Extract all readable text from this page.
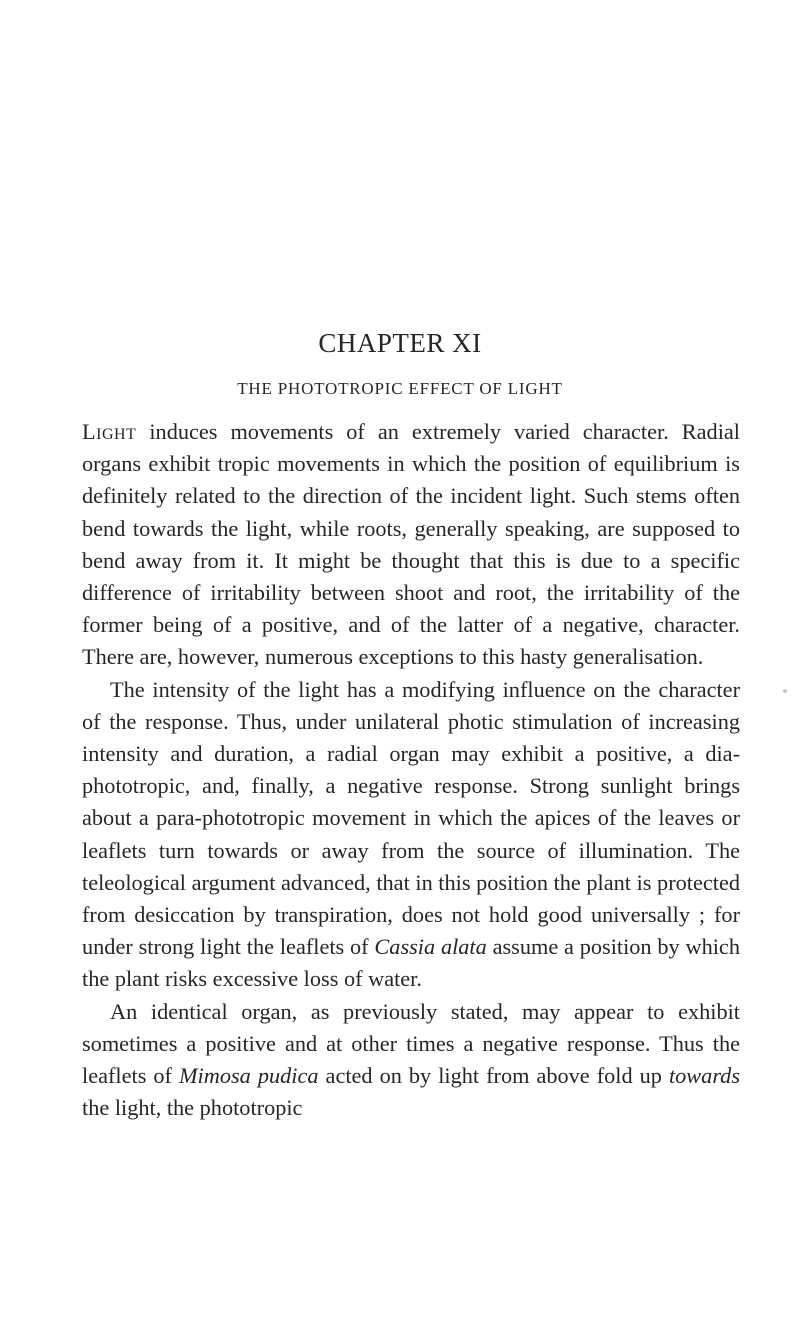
CHAPTER XI
THE PHOTOTROPIC EFFECT OF LIGHT

Light induces movements of an extremely varied character. Radial organs exhibit tropic movements in which the position of equilibrium is definitely related to the direction of the incident light. Such stems often bend towards the light, while roots, generally speaking, are supposed to bend away from it. It might be thought that this is due to a specific difference of irritability between shoot and root, the irritability of the former being of a positive, and of the latter of a negative, character. There are, however, numerous exceptions to this hasty generalisation.

The intensity of the light has a modifying influence on the character of the response. Thus, under unilateral photic stimulation of increasing intensity and duration, a radial organ may exhibit a positive, a dia-phototropic, and, finally, a negative response. Strong sunlight brings about a para-phototropic movement in which the apices of the leaves or leaflets turn towards or away from the source of illumination. The teleological argument advanced, that in this position the plant is protected from desiccation by transpiration, does not hold good universally ; for under strong light the leaflets of Cassia alata assume a position by which the plant risks excessive loss of water.

An identical organ, as previously stated, may appear to exhibit sometimes a positive and at other times a negative response. Thus the leaflets of Mimosa pudica acted on by light from above fold up towards the light, the phototropic
